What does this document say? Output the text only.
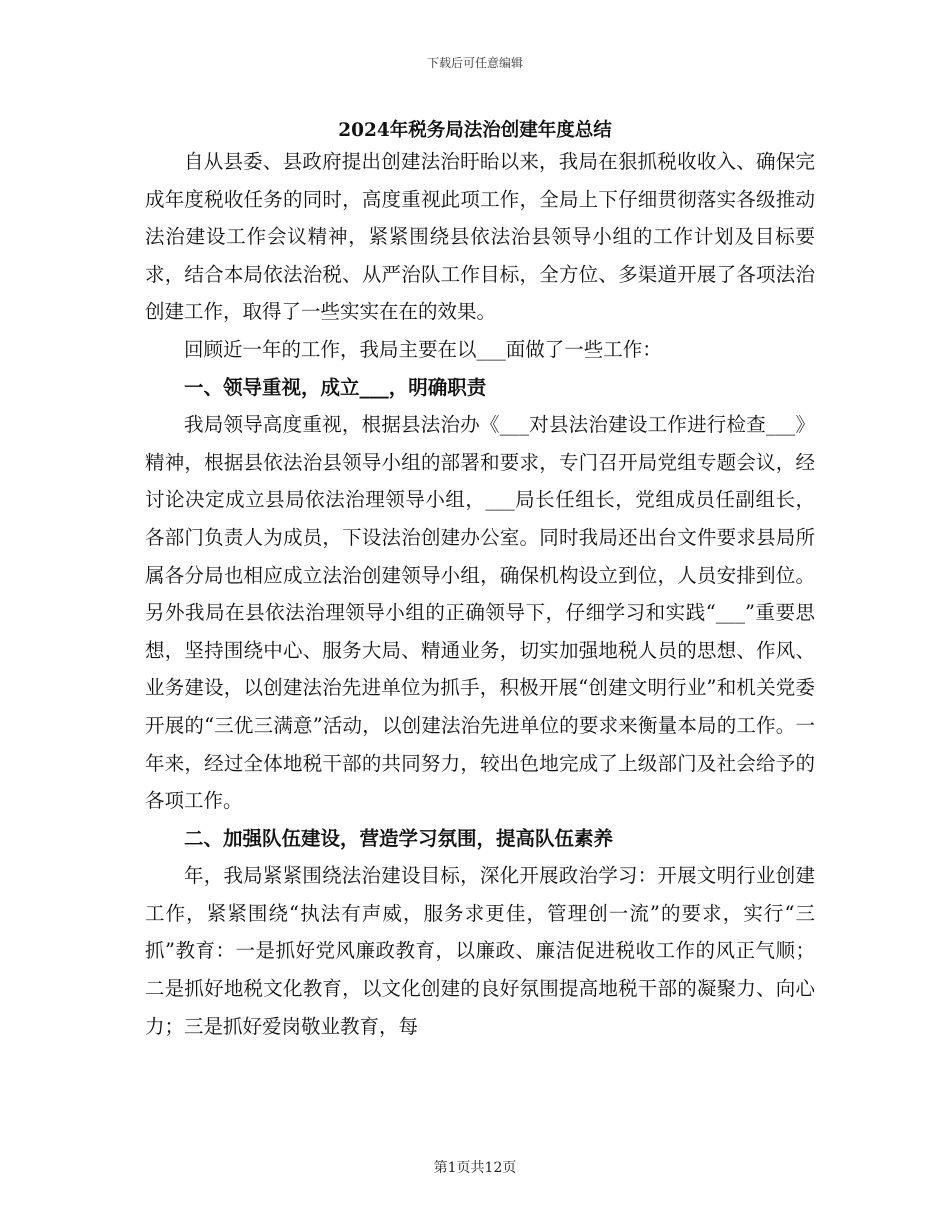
下载后可任意编辑
2024年税务局法治创建年度总结

自从县委、县政府提出创建法治盱眙以来，我局在狠抓税收收入、确保完成年度税收任务的同时，高度重视此项工作，全局上下仔细贯彻落实各级推动法治建设工作会议精神，紧紧围绕县依法治县领导小组的工作计划及目标要求，结合本局依法治税、从严治队工作目标，全方位、多渠道开展了各项法治创建工作，取得了一些实实在在的效果。

回顾近一年的工作，我局主要在以___面做了一些工作：

一、领导重视，成立___，明确职责

我局领导高度重视，根据县法治办《___对县法治建设工作进行检查___》精神，根据县依法治县领导小组的部署和要求，专门召开局党组专题会议，经讨论决定成立县局依法治理领导小组，___局长任组长，党组成员任副组长，各部门负责人为成员，下设法治创建办公室。同时我局还出台文件要求县局所属各分局也相应成立法治创建领导小组，确保机构设立到位，人员安排到位。另外我局在县依法治理领导小组的正确领导下，仔细学习和实践“___”重要思想，坚持围绕中心、服务大局、精通业务，切实加强地税人员的思想、作风、业务建设，以创建法治先进单位为抓手，积极开展“创建文明行业”和机关党委开展的“三优三满意”活动，以创建法治先进单位的要求来衡量本局的工作。一年来，经过全体地税干部的共同努力，较出色地完成了上级部门及社会给予的各项工作。

二、加强队伍建设，营造学习氛围，提高队伍素养

年，我局紧紧围绕法治建设目标，深化开展政治学习：开展文明行业创建工作，紧紧围绕“执法有声威，服务求更佳，管理创一流”的要求，实行“三抓”教育：一是抓好党风廉政教育，以廉政、廉洁促进税收工作的风正气顺；二是抓好地税文化教育，以文化创建的良好氛围提高地税干部的凝聚力、向心力；三是抓好爱岗敬业教育，每

第1页共12页
